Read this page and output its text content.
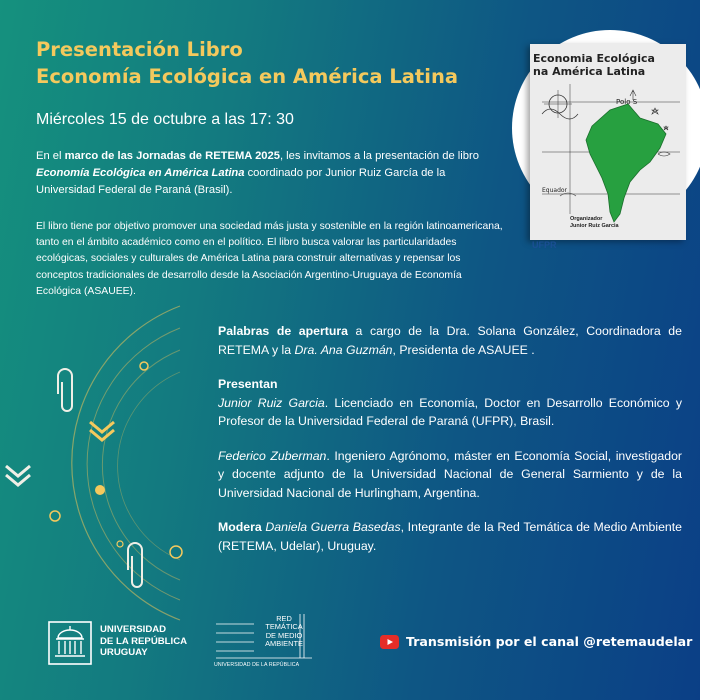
Presentación Libro
Economía Ecológica en América Latina

Miércoles 15 de octubre a las 17: 30

En el marco de las Jornadas de RETEMA 2025, les invitamos a la presentación de libro Economía Ecológica en América Latina coordinado por Junior Ruiz García de la Universidad Federal de Paraná (Brasil).

El libro tiene por objetivo promover una sociedad más justa y sostenible en la región latinoamericana, tanto en el ámbito académico como en el político. El libro busca valorar las particularidades ecológicas, sociales y culturales de América Latina para construir alternativas y repensar los conceptos tradicionales de desarrollo desde la Asociación Argentino-Uruguaya de Economía Ecológica (ASAUEE).

Economia Ecológica
na América Latina
Polo S
Equador
Organizador
Junior Ruiz Garcia
UFPR

Palabras de apertura a cargo de la Dra. Solana González, Coordinadora de RETEMA y la Dra. Ana Guzmán, Presidenta de ASAUEE .

Presentan
Junior Ruiz Garcia. Licenciado en Economía, Doctor en Desarrollo Económico y Profesor de la Universidad Federal de Paraná (UFPR), Brasil.

Federico Zuberman. Ingeniero Agrónomo, máster en Economía Social, investigador y docente adjunto de la Universidad Nacional de General Sarmiento y de la Universidad Nacional de Hurlingham, Argentina.

Modera Daniela Guerra Basedas, Integrante de la Red Temática de Medio Ambiente (RETEMA, Udelar), Uruguay.

UNIVERSIDAD
DE LA REPÚBLICA
URUGUAY

RED
TEMÁTICA
DE MEDIO
AMBIENTE

UNIVERSIDAD DE LA REPÚBLICA
Transmisión por el canal @retemaudelar
